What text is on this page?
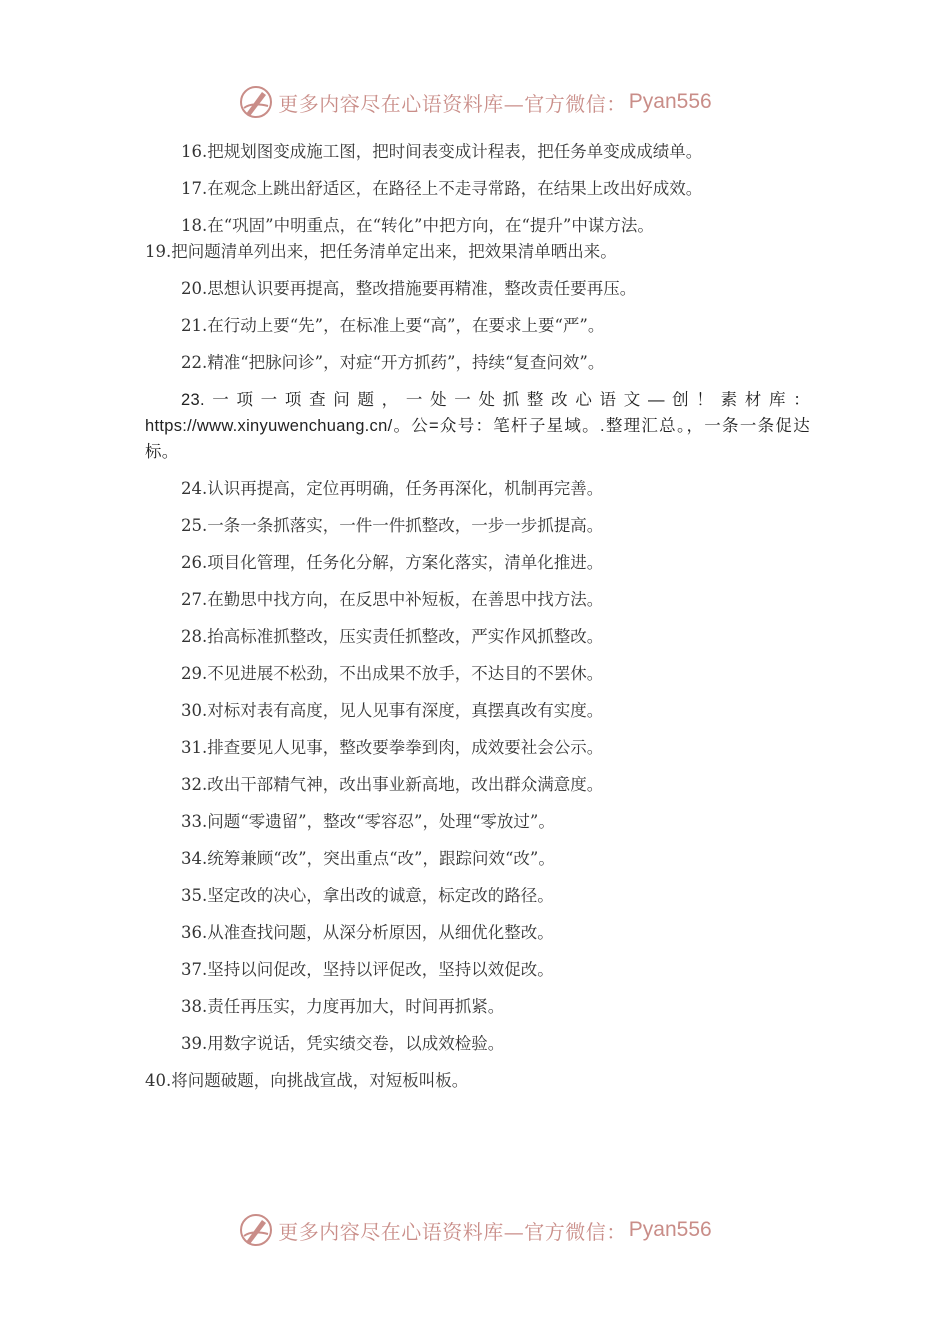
更多内容尽在心语资料库—官方微信： Pyan556
16.把规划图变成施工图，把时间表变成计程表，把任务单变成成绩单。
17.在观念上跳出舒适区，在路径上不走寻常路，在结果上改出好成效。
18.在“巩固”中明重点，在“转化”中把方向，在“提升”中谋方法。
19.把问题清单列出来，把任务清单定出来，把效果清单晒出来。
20.思想认识要再提高，整改措施要再精准，整改责任要再压。
21.在行动上要“先”，在标准上要“高”，在要求上要“严”。
22.精准“把脉问诊”，对症“开方抓药”，持续“复查问效”。
23.一项一项查问题，一处一处抓整改心语文—创！素材库：https://www.xinyuwenchuang.cn/。公=众号：笔杆子星域。.整理汇总。，一条一条促达标。
24.认识再提高，定位再明确，任务再深化，机制再完善。
25.一条一条抓落实，一件一件抓整改，一步一步抓提高。
26.项目化管理，任务化分解，方案化落实，清单化推进。
27.在勤思中找方向，在反思中补短板，在善思中找方法。
28.抬高标准抓整改，压实责任抓整改，严实作风抓整改。
29.不见进展不松劲，不出成果不放手，不达目的不罢休。
30.对标对表有高度，见人见事有深度，真摆真改有实度。
31.排查要见人见事，整改要拳拳到肉，成效要社会公示。
32.改出干部精气神，改出事业新高地，改出群众满意度。
33.问题“零遗留”，整改“零容忍”，处理“零放过”。
34.统筹兼顾“改”，突出重点“改”，跟踪问效“改”。
35.坚定改的决心，拿出改的诚意，标定改的路径。
36.从准查找问题，从深分析原因，从细优化整改。
37.坚持以问促改，坚持以评促改，坚持以效促改。
38.责任再压实，力度再加大，时间再抓紧。
39.用数字说话，凭实绩交卷，以成效检验。
40.将问题破题，向挑战宣战，对短板叫板。
更多内容尽在心语资料库—官方微信： Pyan556
